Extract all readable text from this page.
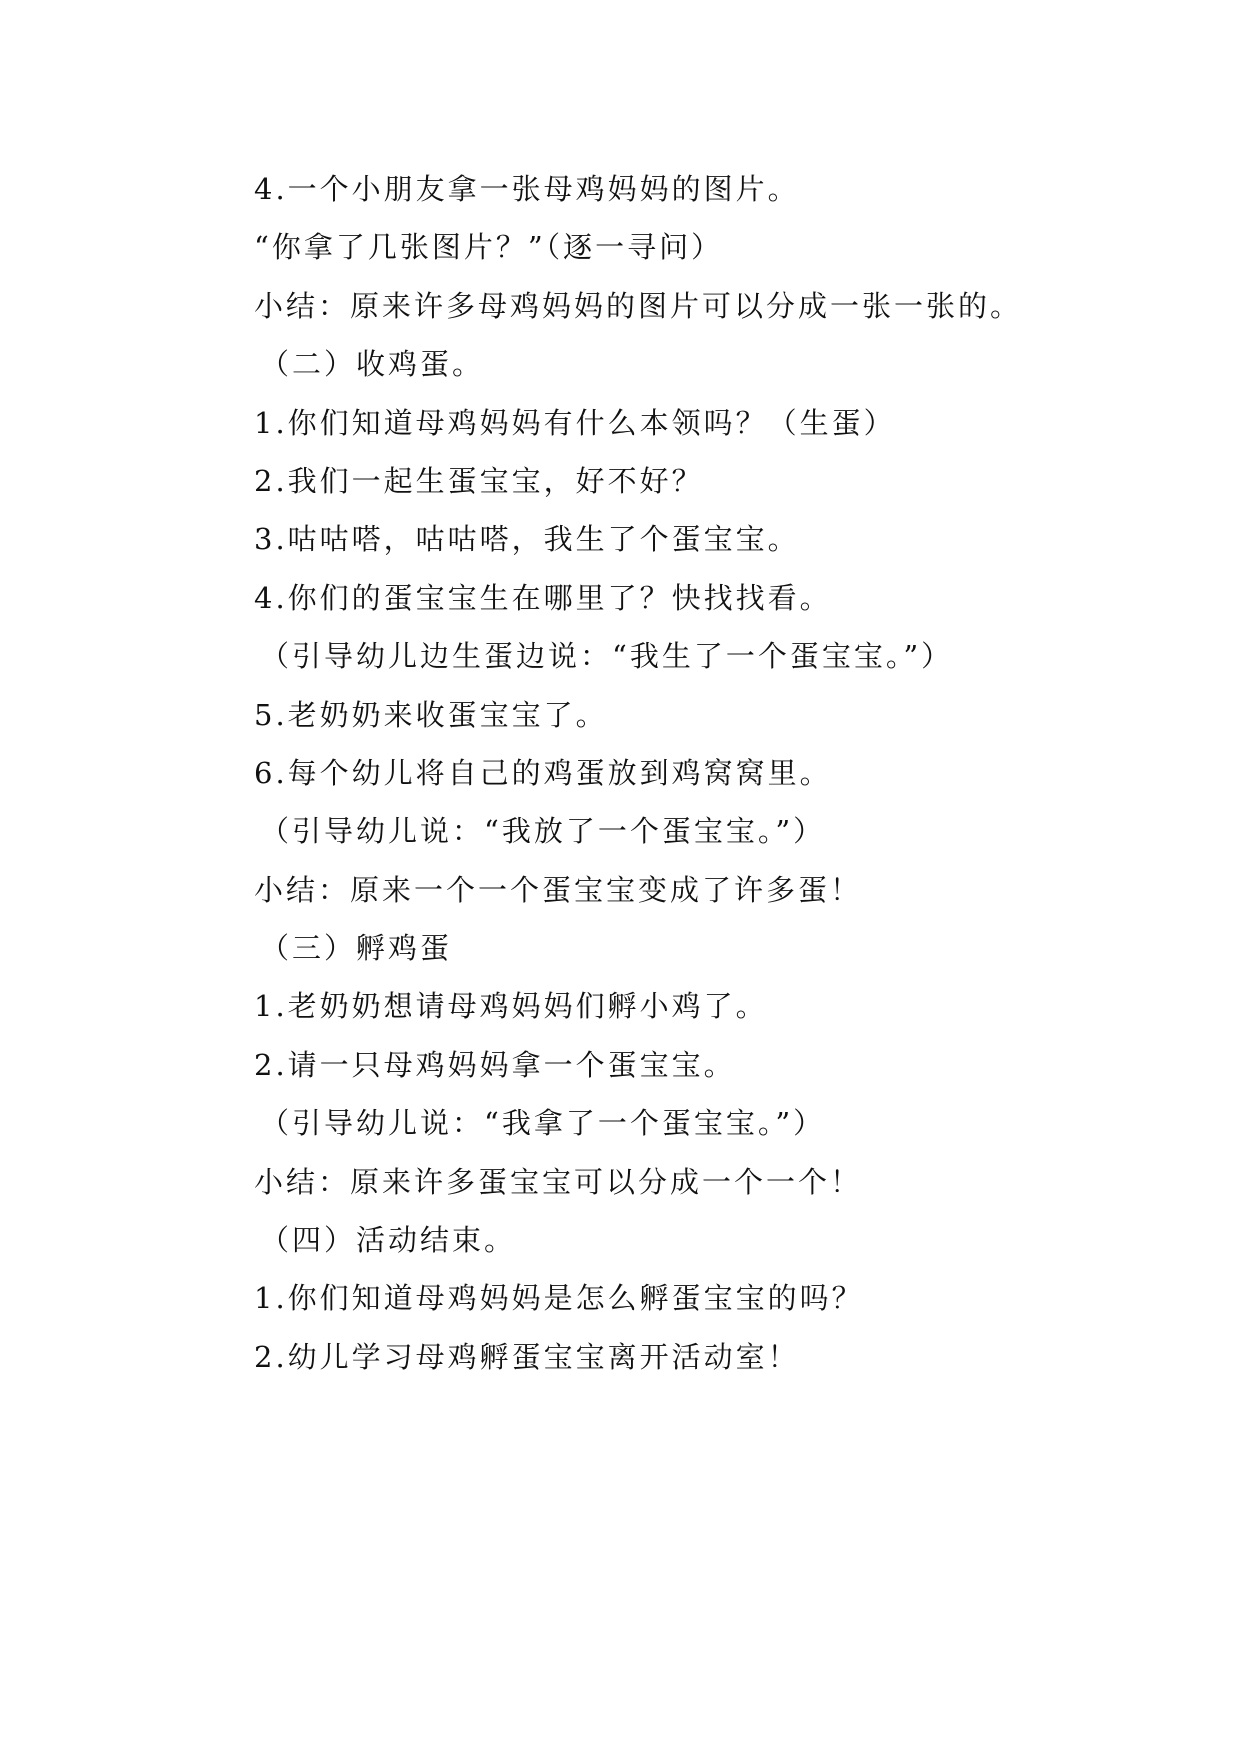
4.一个小朋友拿一张母鸡妈妈的图片。
“你拿了几张图片？”（逐一寻问）
小结：原来许多母鸡妈妈的图片可以分成一张一张的。
（二）收鸡蛋。
1.你们知道母鸡妈妈有什么本领吗？（生蛋）
2.我们一起生蛋宝宝，好不好？
3.咕咕嗒，咕咕嗒，我生了个蛋宝宝。
4.你们的蛋宝宝生在哪里了？快找找看。
（引导幼儿边生蛋边说：“我生了一个蛋宝宝。”）
5.老奶奶来收蛋宝宝了。
6.每个幼儿将自己的鸡蛋放到鸡窝窝里。
（引导幼儿说：“我放了一个蛋宝宝。”）
小结：原来一个一个蛋宝宝变成了许多蛋！
（三）孵鸡蛋
1.老奶奶想请母鸡妈妈们孵小鸡了。
2.请一只母鸡妈妈拿一个蛋宝宝。
（引导幼儿说：“我拿了一个蛋宝宝。”）
小结：原来许多蛋宝宝可以分成一个一个！
（四）活动结束。
1.你们知道母鸡妈妈是怎么孵蛋宝宝的吗？
2.幼儿学习母鸡孵蛋宝宝离开活动室！
